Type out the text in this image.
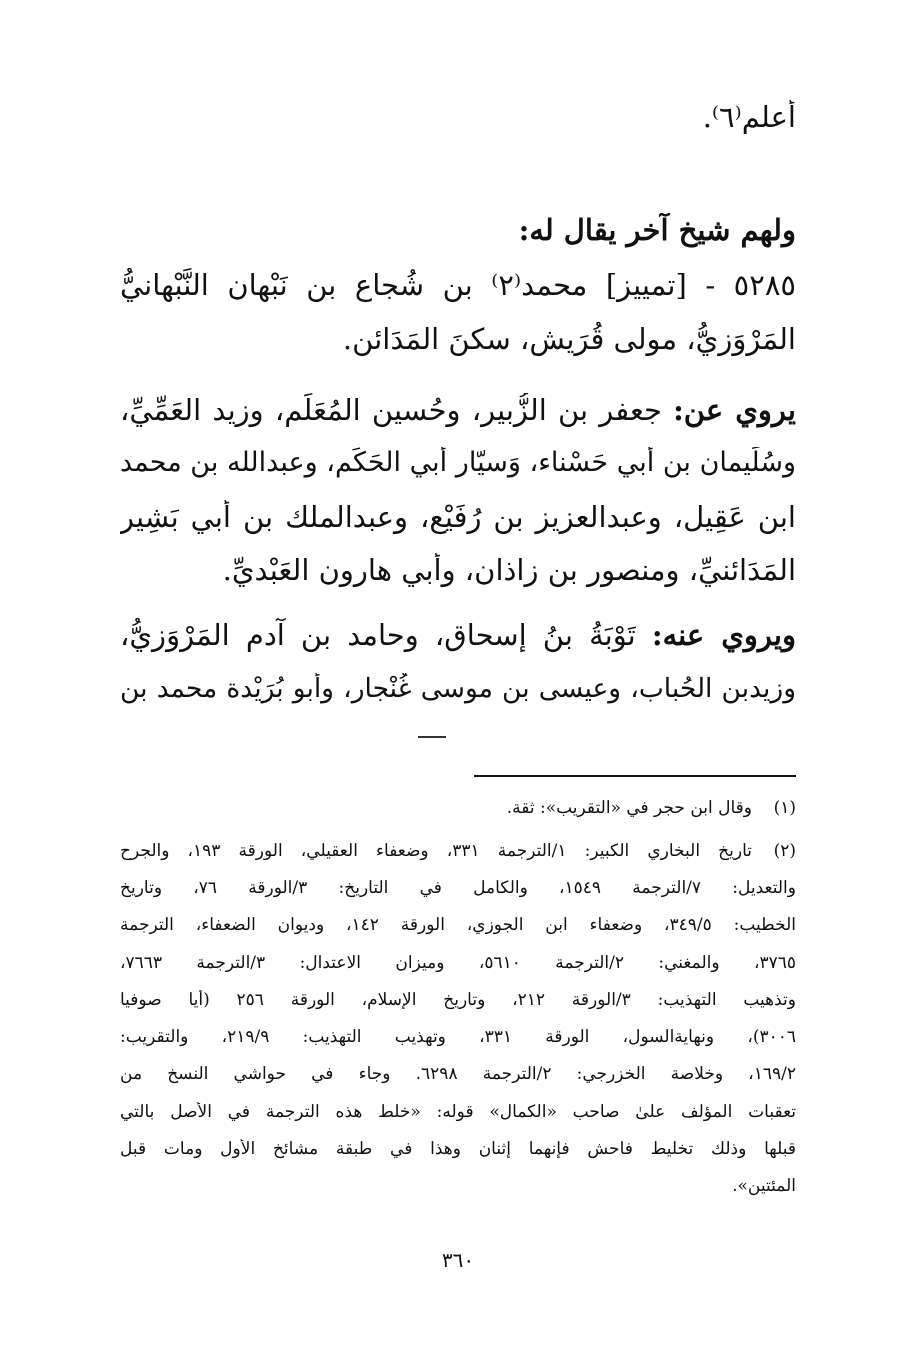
أعلم⁽٦⁾.
ولهم شيخ آخر يقال له:
٥٢٨٥ - [تمييز] محمد⁽٢⁾ بن شُجاع بن نَبْهان النَّبْهانيُّ
المَرْوَزيُّ، مولى قُرَيش، سكنَ المَدَائن.
يروي عن: جعفر بن الزُّبير، وحُسين المُعَلِّم، وزيد العَمِّيِّ،
وسُلَيمان بن أبي حَسْناء، وَسيّار أبي الحَكَم، وعبدالله بن محمد
ابن عَقِيل، وعبدالعزيز بن رُفَيْع، وعبدالملك بن أبي بَشِير
المَدَائنيِّ، ومنصور بن زاذان، وأبي هارون العَبْديِّ.
ويروي عنه: تَوْبَةُ بنُ إسحاق، وحامد بن آدم المَرْوَزيُّ،
وزيدبن الحُباب، وعيسى بن موسى غُنْجار، وأبو بُرَيْدة محمد بن
(١)
وقال ابن حجر في «التقريب»: ثقة.
(٢)
تاريخ البخاري الكبير: ١/الترجمة ٣٣١، وضعفاء العقيلي، الورقة ١٩٣، والجرح
والتعديل: ٧/الترجمة ١٥٤٩، والكامل في التاريخ: ٣/الورقة ٧٦، وتاريخ
الخطيب: ٣٤٩/٥، وضعفاء ابن الجوزي، الورقة ١٤٢، وديوان الضعفاء، الترجمة
٣٧٦٥، والمغني: ٢/الترجمة ٥٦١٠، وميزان الاعتدال: ٣/الترجمة ٧٦٦٣،
وتذهيب التهذيب: ٣/الورقة ٢١٢، وتاريخ الإسلام، الورقة ٢٥٦ (أيا صوفيا
٣٠٠٦)، ونهايةالسول، الورقة ٣٣١، وتهذيب التهذيب: ٢١٩/٩، والتقريب:
١٦٩/٢، وخلاصة الخزرجي: ٢/الترجمة ٦٢٩٨. وجاء في حواشي النسخ من
تعقبات المؤلف علىٰ صاحب «الكمال» قوله: «خلط هذه الترجمة في الأصل بالتي
قبلها وذلك تخليط فاحش فإنهما إثنان وهذا في طبقة مشائخ الأول ومات قبل
المئتين».
٣٦٠
